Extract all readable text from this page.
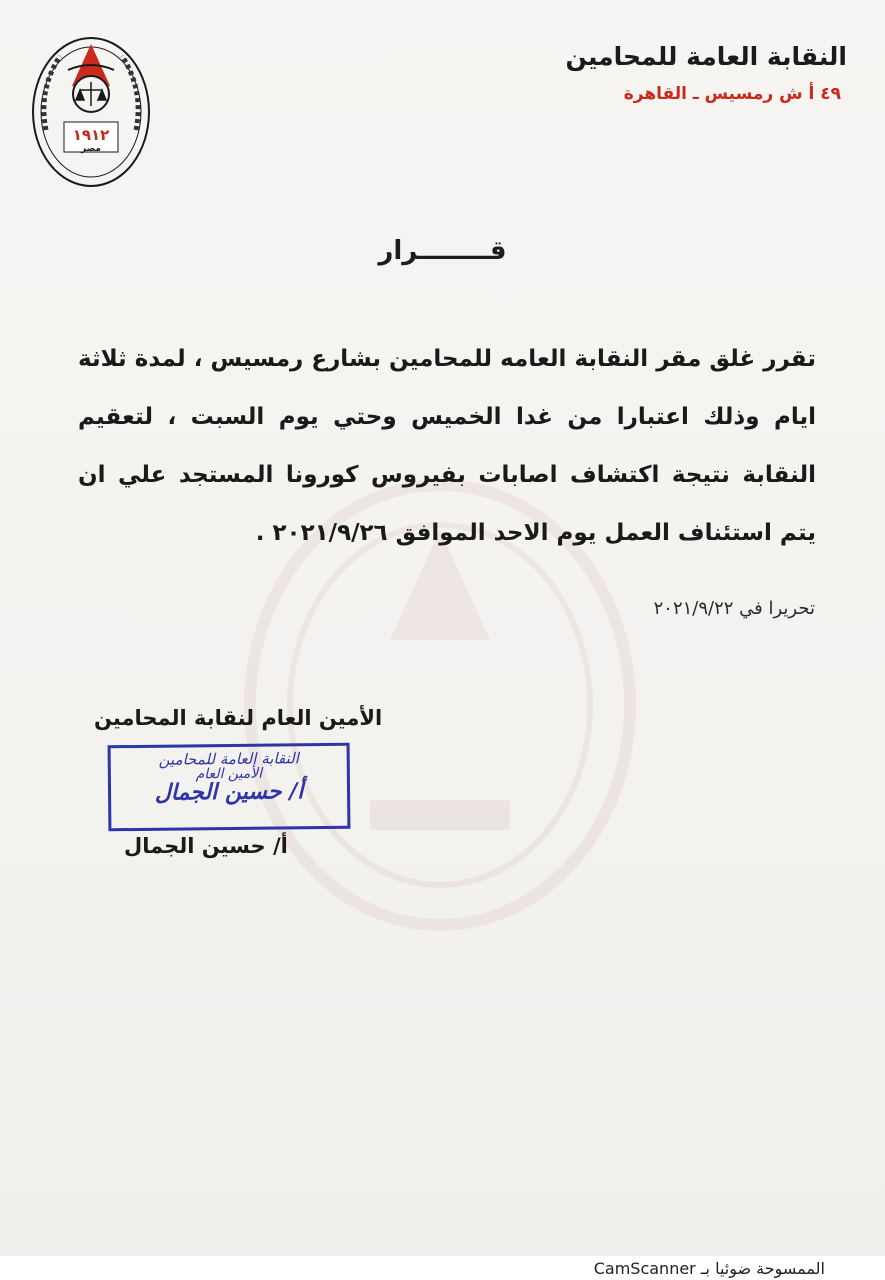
١٩١٢
مصر
النقابة العامة للمحامين
٤٩ أ ش رمسيس ـ القاهرة
قــــــــرار
تقرر غلق مقر النقابة العامه للمحامين بشارع رمسيس ، لمدة ثلاثة ايام وذلك اعتبارا من غدا الخميس وحتي يوم السبت ، لتعقيم النقابة نتيجة اكتشاف اصابات بفيروس كورونا المستجد علي ان يتم استئناف العمل يوم الاحد الموافق ٢٠٢١/٩/٢٦ .
تحريرا في ٢٠٢١/٩/٢٢
الأمين العام لنقابة المحامين
النقابة العامة للمحامين
الأمين العام
أ/ حسين الجمال
أ/ حسين الجمال
الممسوحة ضوئيا بـ CamScanner
